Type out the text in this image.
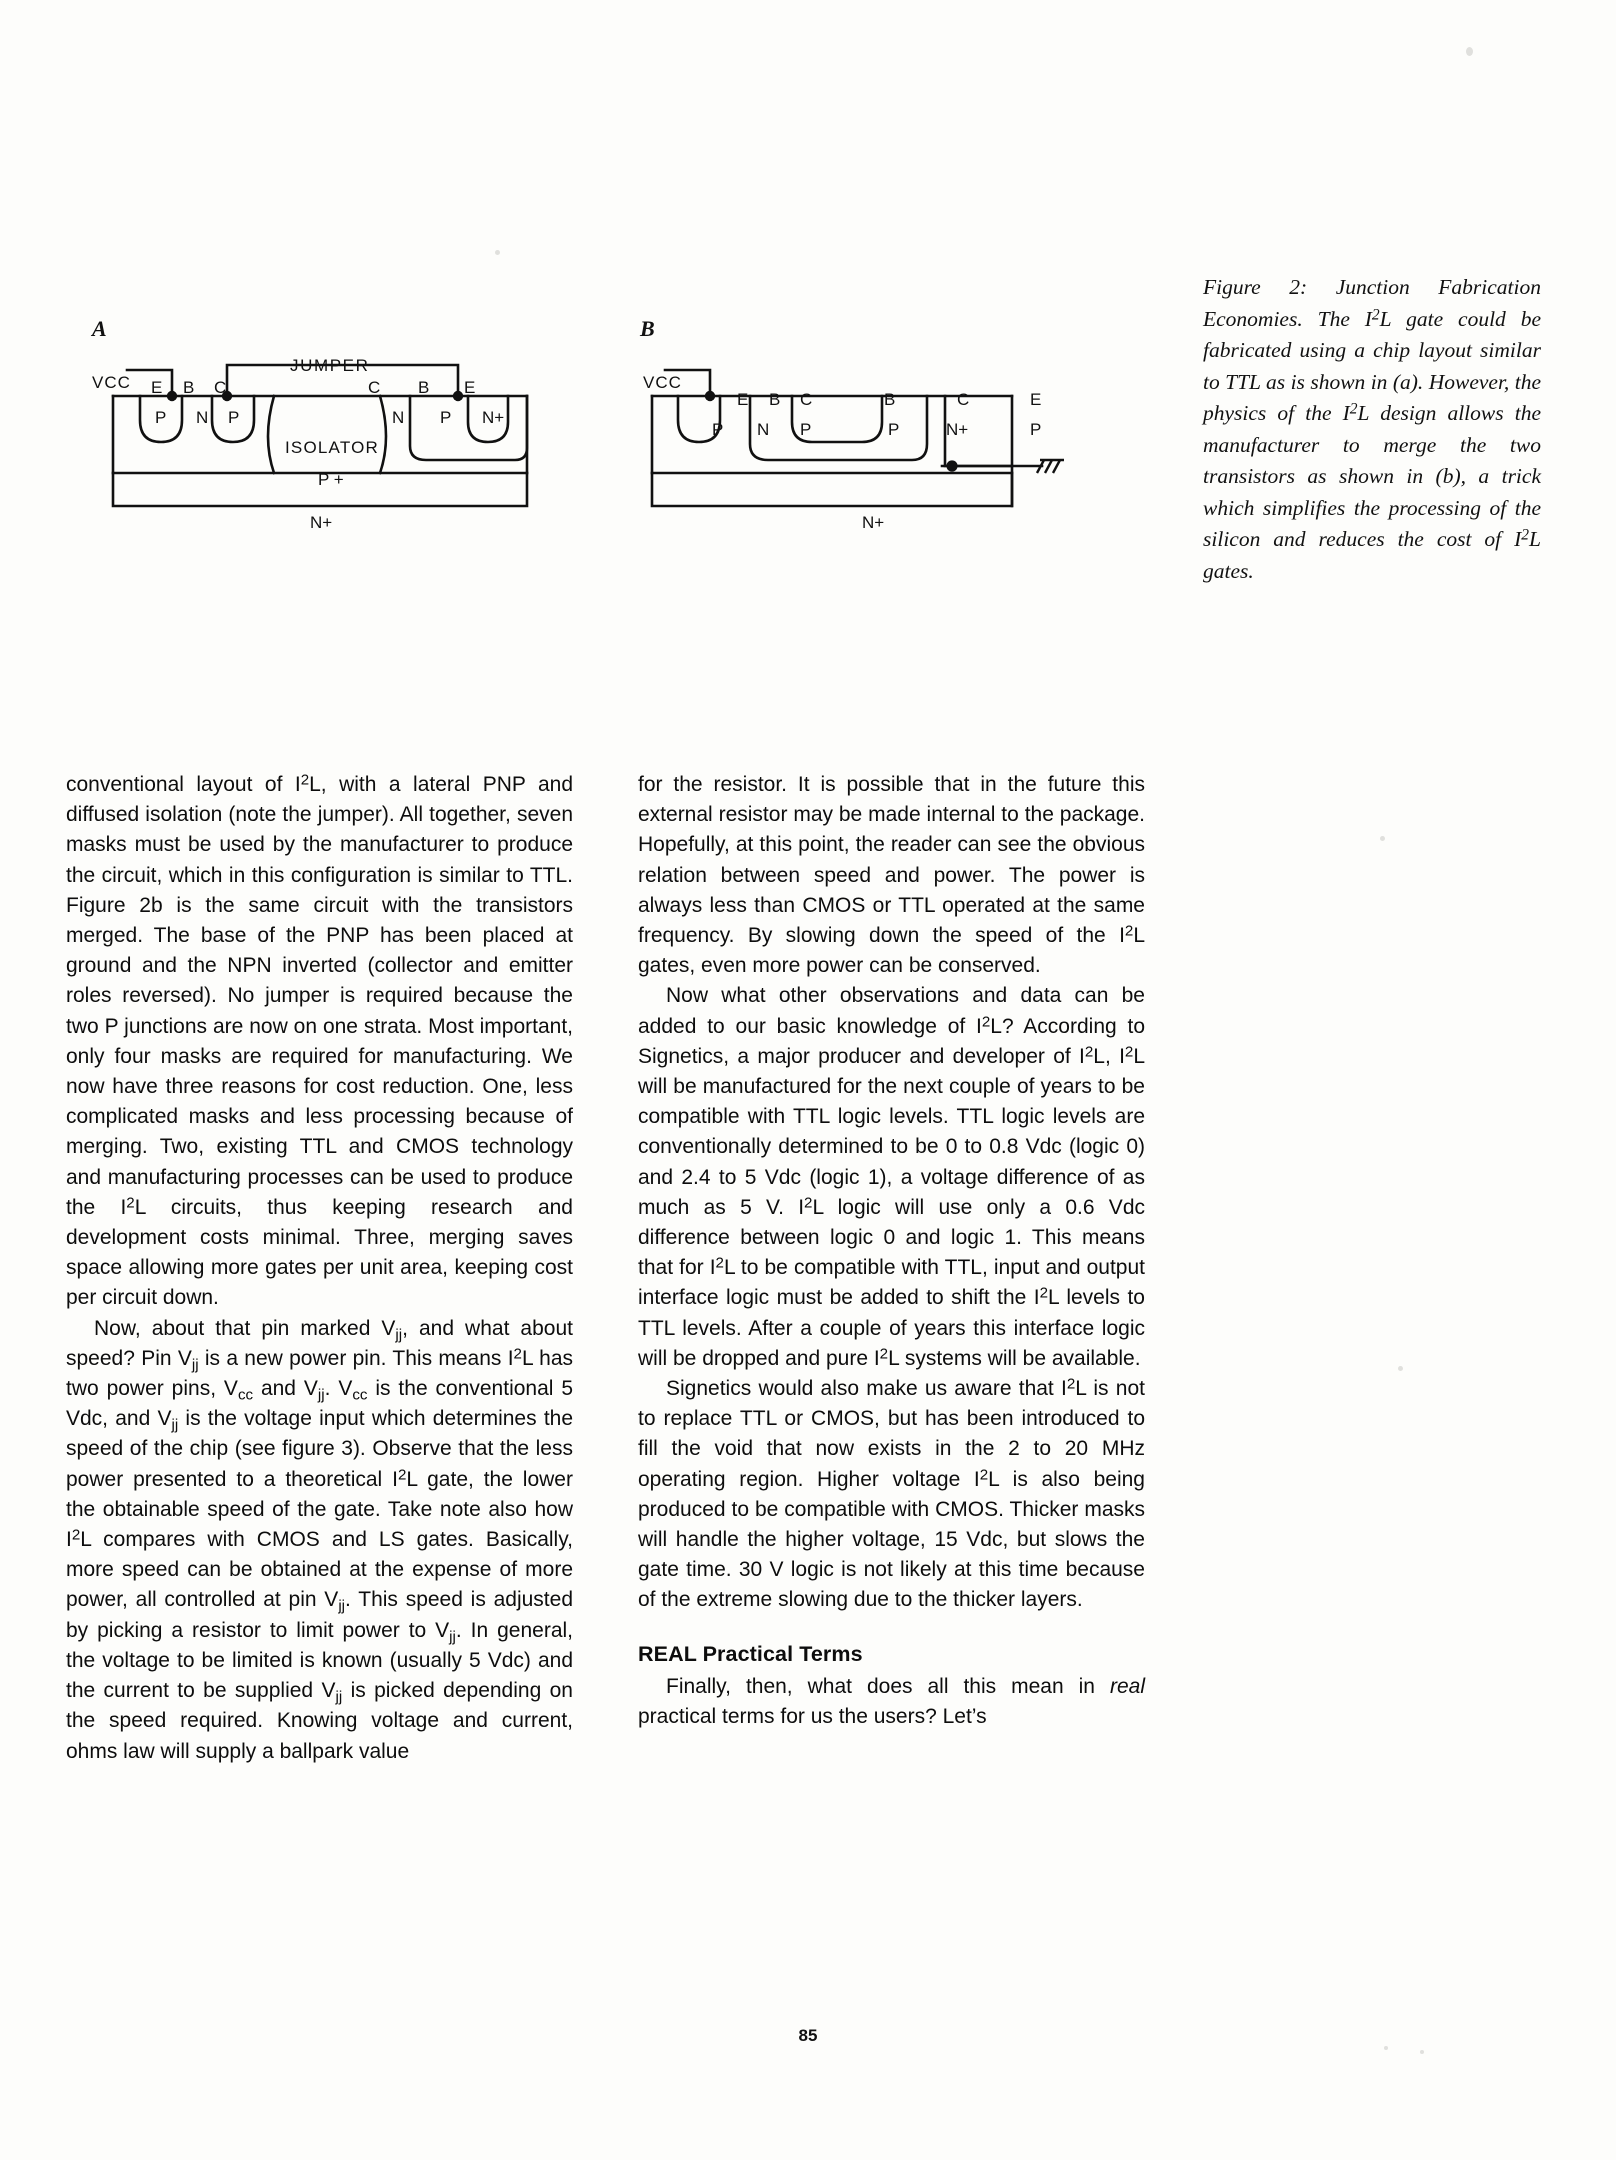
A
VCC
JUMPER
E B C	C B E
P N P	N P N+
ISOLATOR
P +
N+
B
VCC
E B C	B	C	E
P N P	P	N+	P
N+
Figure 2: Junction Fabrication Economies. The $I^2L$ gate could be fabricated using a chip layout similar to TTL as is shown in (a). However, the physics of the $I^2L$ design allows the manufacturer to merge the two transistors as shown in (b), a trick which simplifies the processing of the silicon and reduces the cost of $I^2L$ gates.

conventional layout of $I^2L$, with a lateral PNP and diffused isolation (note the jumper). All together, seven masks must be used by the manufacturer to produce the circuit, which in this configuration is similar to TTL. Figure 2b is the same circuit with the transistors merged. The base of the PNP has been placed at ground and the NPN inverted (collector and emitter roles reversed). No jumper is required because the two P junctions are now on one strata. Most important, only four masks are required for manufacturing. We now have three reasons for cost reduction. One, less complicated masks and less processing because of merging. Two, existing TTL and CMOS technology and manufacturing processes can be used to produce the $I^2L$ circuits, thus keeping research and development costs minimal. Three, merging saves space allowing more gates per unit area, keeping cost per circuit down.

Now, about that pin marked $V_{jj}$, and what about speed? Pin $V_{jj}$ is a new power pin. This means $I^2L$ has two power pins, $V_{cc}$ and $V_{jj}$. $V_{cc}$ is the conventional 5 Vdc, and $V_{jj}$ is the voltage input which determines the speed of the chip (see figure 3). Observe that the less power presented to a theoretical $I^2L$ gate, the lower the obtainable speed of the gate. Take note also how $I^2L$ compares with CMOS and LS gates. Basically, more speed can be obtained at the expense of more power, all controlled at pin $V_{jj}$. This speed is adjusted by picking a resistor to limit power to $V_{jj}$. In general, the voltage to be limited is known (usually 5 Vdc) and the current to be supplied $V_{jj}$ is picked depending on the speed required. Knowing voltage and current, ohms law will supply a ballpark value

for the resistor. It is possible that in the future this external resistor may be made internal to the package. Hopefully, at this point, the reader can see the obvious relation between speed and power. The power is always less than CMOS or TTL operated at the same frequency. By slowing down the speed of the $I^2L$ gates, even more power can be conserved.

Now what other observations and data can be added to our basic knowledge of $I^2L$? According to Signetics, a major producer and developer of $I^2L$, $I^2L$ will be manufactured for the next couple of years to be compatible with TTL logic levels. TTL logic levels are conventionally determined to be 0 to 0.8 Vdc (logic 0) and 2.4 to 5 Vdc (logic 1), a voltage difference of as much as 5 V. $I^2L$ logic will use only a 0.6 Vdc difference between logic 0 and logic 1. This means that for $I^2L$ to be compatible with TTL, input and output interface logic must be added to shift the $I^2L$ levels to TTL levels. After a couple of years this interface logic will be dropped and pure $I^2L$ systems will be available.

Signetics would also make us aware that $I^2L$ is not to replace TTL or CMOS, but has been introduced to fill the void that now exists in the 2 to 20 MHz operating region. Higher voltage $I^2L$ is also being produced to be compatible with CMOS. Thicker masks will handle the higher voltage, 15 Vdc, but slows the gate time. 30 V logic is not likely at this time because of the extreme slowing due to the thicker layers.

REAL Practical Terms

Finally, then, what does all this mean in real practical terms for us the users? Let’s

85
